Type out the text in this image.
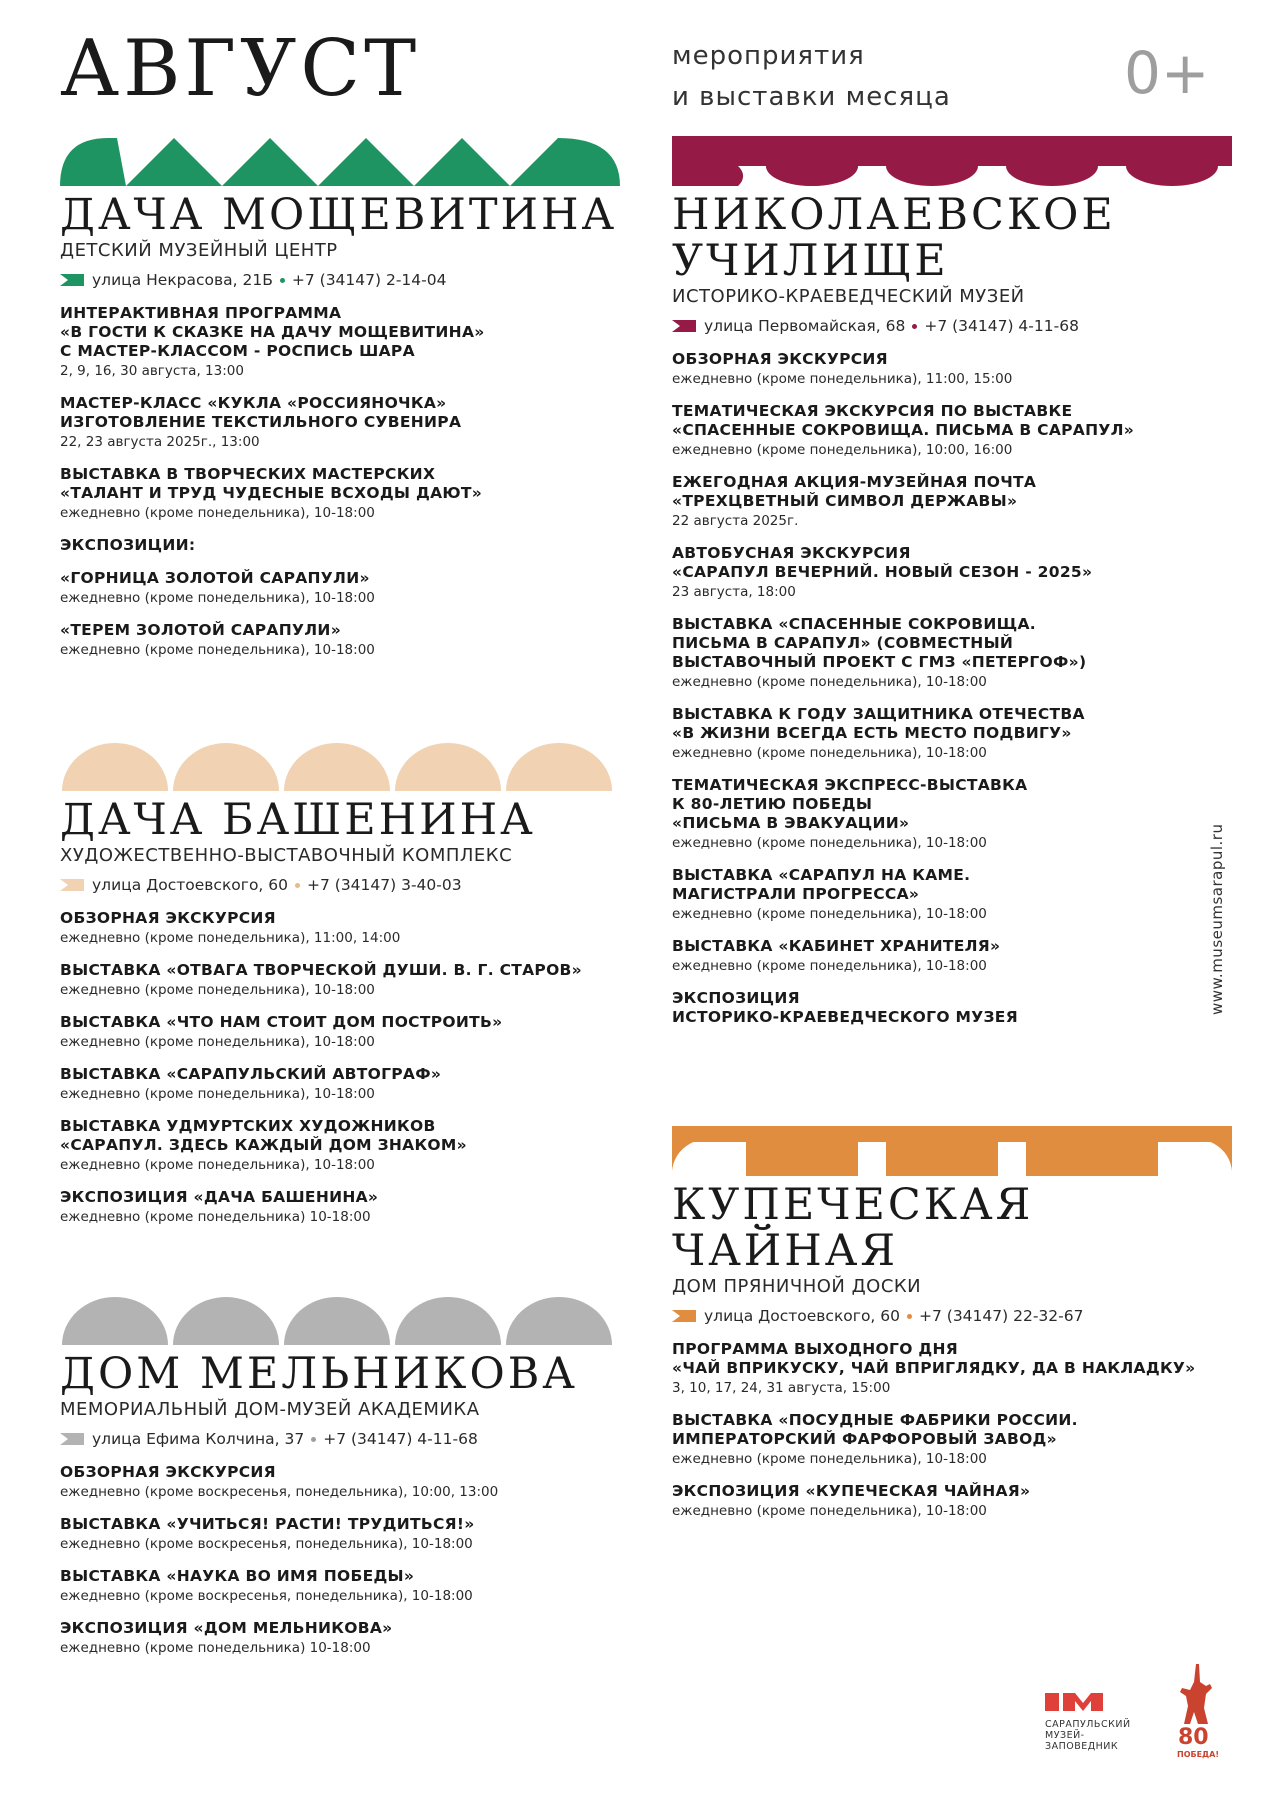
АВГУСТ	мероприятия
и выставки месяца	0+
ДАЧА МОЩЕВИТИНА
ДЕТСКИЙ МУЗЕЙНЫЙ ЦЕНТР
улица Некрасова, 21Б +7 (34147) 2-14-04
ИНТЕРАКТИВНАЯ ПРОГРАММА
«В ГОСТИ К СКАЗКЕ НА ДАЧУ МОЩЕВИТИНА»
С МАСТЕР-КЛАССОМ - РОСПИСЬ ШАРА
2, 9, 16, 30 августа, 13:00
МАСТЕР-КЛАСС «КУКЛА «РОССИЯНОЧКА»
ИЗГОТОВЛЕНИЕ ТЕКСТИЛЬНОГО СУВЕНИРА
22, 23 августа 2025г., 13:00
ВЫСТАВКА В ТВОРЧЕСКИХ МАСТЕРСКИХ
«ТАЛАНТ И ТРУД ЧУДЕСНЫЕ ВСХОДЫ ДАЮТ»
ежедневно (кроме понедельника), 10-18:00
ЭКСПОЗИЦИИ:
«ГОРНИЦА ЗОЛОТОЙ САРАПУЛИ»
ежедневно (кроме понедельника), 10-18:00
«ТЕРЕМ ЗОЛОТОЙ САРАПУЛИ»
ежедневно (кроме понедельника), 10-18:00
ДАЧА БАШЕНИНА
ХУДОЖЕСТВЕННО-ВЫСТАВОЧНЫЙ КОМПЛЕКС
улица Достоевского, 60 +7 (34147) 3-40-03
ОБЗОРНАЯ ЭКСКУРСИЯ
ежедневно (кроме понедельника), 11:00, 14:00
ВЫСТАВКА «ОТВАГА ТВОРЧЕСКОЙ ДУШИ. В. Г. СТАРОВ»
ежедневно (кроме понедельника), 10-18:00
ВЫСТАВКА «ЧТО НАМ СТОИТ ДОМ ПОСТРОИТЬ»
ежедневно (кроме понедельника), 10-18:00
ВЫСТАВКА «САРАПУЛЬСКИЙ АВТОГРАФ»
ежедневно (кроме понедельника), 10-18:00
ВЫСТАВКА УДМУРТСКИХ ХУДОЖНИКОВ
«САРАПУЛ. ЗДЕСЬ КАЖДЫЙ ДОМ ЗНАКОМ»
ежедневно (кроме понедельника), 10-18:00
ЭКСПОЗИЦИЯ «ДАЧА БАШЕНИНА»
ежедневно (кроме понедельника) 10-18:00
ДОМ МЕЛЬНИКОВА
МЕМОРИАЛЬНЫЙ ДОМ-МУЗЕЙ АКАДЕМИКА
улица Ефима Колчина, 37 +7 (34147) 4-11-68
ОБЗОРНАЯ ЭКСКУРСИЯ
ежедневно (кроме воскресенья, понедельника), 10:00, 13:00
ВЫСТАВКА «УЧИТЬСЯ! РАСТИ! ТРУДИТЬСЯ!»
ежедневно (кроме воскресенья, понедельника), 10-18:00
ВЫСТАВКА «НАУКА ВО ИМЯ ПОБЕДЫ»
ежедневно (кроме воскресенья, понедельника), 10-18:00
ЭКСПОЗИЦИЯ «ДОМ МЕЛЬНИКОВА»
ежедневно (кроме понедельника) 10-18:00
НИКОЛАЕВСКОЕ
УЧИЛИЩЕ
ИСТОРИКО-КРАЕВЕДЧЕСКИЙ МУЗЕЙ
улица Первомайская, 68 +7 (34147) 4-11-68
ОБЗОРНАЯ ЭКСКУРСИЯ
ежедневно (кроме понедельника), 11:00, 15:00
ТЕМАТИЧЕСКАЯ ЭКСКУРСИЯ ПО ВЫСТАВКЕ
«СПАСЕННЫЕ СОКРОВИЩА. ПИСЬМА В САРАПУЛ»
ежедневно (кроме понедельника), 10:00, 16:00
ЕЖЕГОДНАЯ АКЦИЯ-МУЗЕЙНАЯ ПОЧТА
«ТРЕХЦВЕТНЫЙ СИМВОЛ ДЕРЖАВЫ»
22 августа 2025г.
АВТОБУСНАЯ ЭКСКУРСИЯ
«САРАПУЛ ВЕЧЕРНИЙ. НОВЫЙ СЕЗОН - 2025»
23 августа, 18:00
ВЫСТАВКА «СПАСЕННЫЕ СОКРОВИЩА.
ПИСЬМА В САРАПУЛ» (СОВМЕСТНЫЙ
ВЫСТАВОЧНЫЙ ПРОЕКТ С ГМЗ «ПЕТЕРГОФ»)
ежедневно (кроме понедельника), 10-18:00
ВЫСТАВКА К ГОДУ ЗАЩИТНИКА ОТЕЧЕСТВА
«В ЖИЗНИ ВСЕГДА ЕСТЬ МЕСТО ПОДВИГУ»
ежедневно (кроме понедельника), 10-18:00
ТЕМАТИЧЕСКАЯ ЭКСПРЕСС-ВЫСТАВКА
К 80-ЛЕТИЮ ПОБЕДЫ
«ПИСЬМА В ЭВАКУАЦИИ»
ежедневно (кроме понедельника), 10-18:00
ВЫСТАВКА «САРАПУЛ НА КАМЕ.
МАГИСТРАЛИ ПРОГРЕССА»
ежедневно (кроме понедельника), 10-18:00
ВЫСТАВКА «КАБИНЕТ ХРАНИТЕЛЯ»
ежедневно (кроме понедельника), 10-18:00
ЭКСПОЗИЦИЯ
ИСТОРИКО-КРАЕВЕДЧЕСКОГО МУЗЕЯ
КУПЕЧЕСКАЯ ЧАЙНАЯ
ДОМ ПРЯНИЧНОЙ ДОСКИ
улица Достоевского, 60 +7 (34147) 22-32-67
ПРОГРАММА ВЫХОДНОГО ДНЯ
«ЧАЙ ВПРИКУСКУ, ЧАЙ ВПРИГЛЯДКУ, ДА В НАКЛАДКУ»
3, 10, 17, 24, 31 августа, 15:00
ВЫСТАВКА «ПОСУДНЫЕ ФАБРИКИ РОССИИ.
ИМПЕРАТОРСКИЙ ФАРФОРОВЫЙ ЗАВОД»
ежедневно (кроме понедельника), 10-18:00
ЭКСПОЗИЦИЯ «КУПЕЧЕСКАЯ ЧАЙНАЯ»
ежедневно (кроме понедельника), 10-18:00
www.museumsarapul.ru
САРАПУЛЬСКИЙ
МУЗЕЙ-
ЗАПОВЕДНИК	80
ПОБЕДА!
